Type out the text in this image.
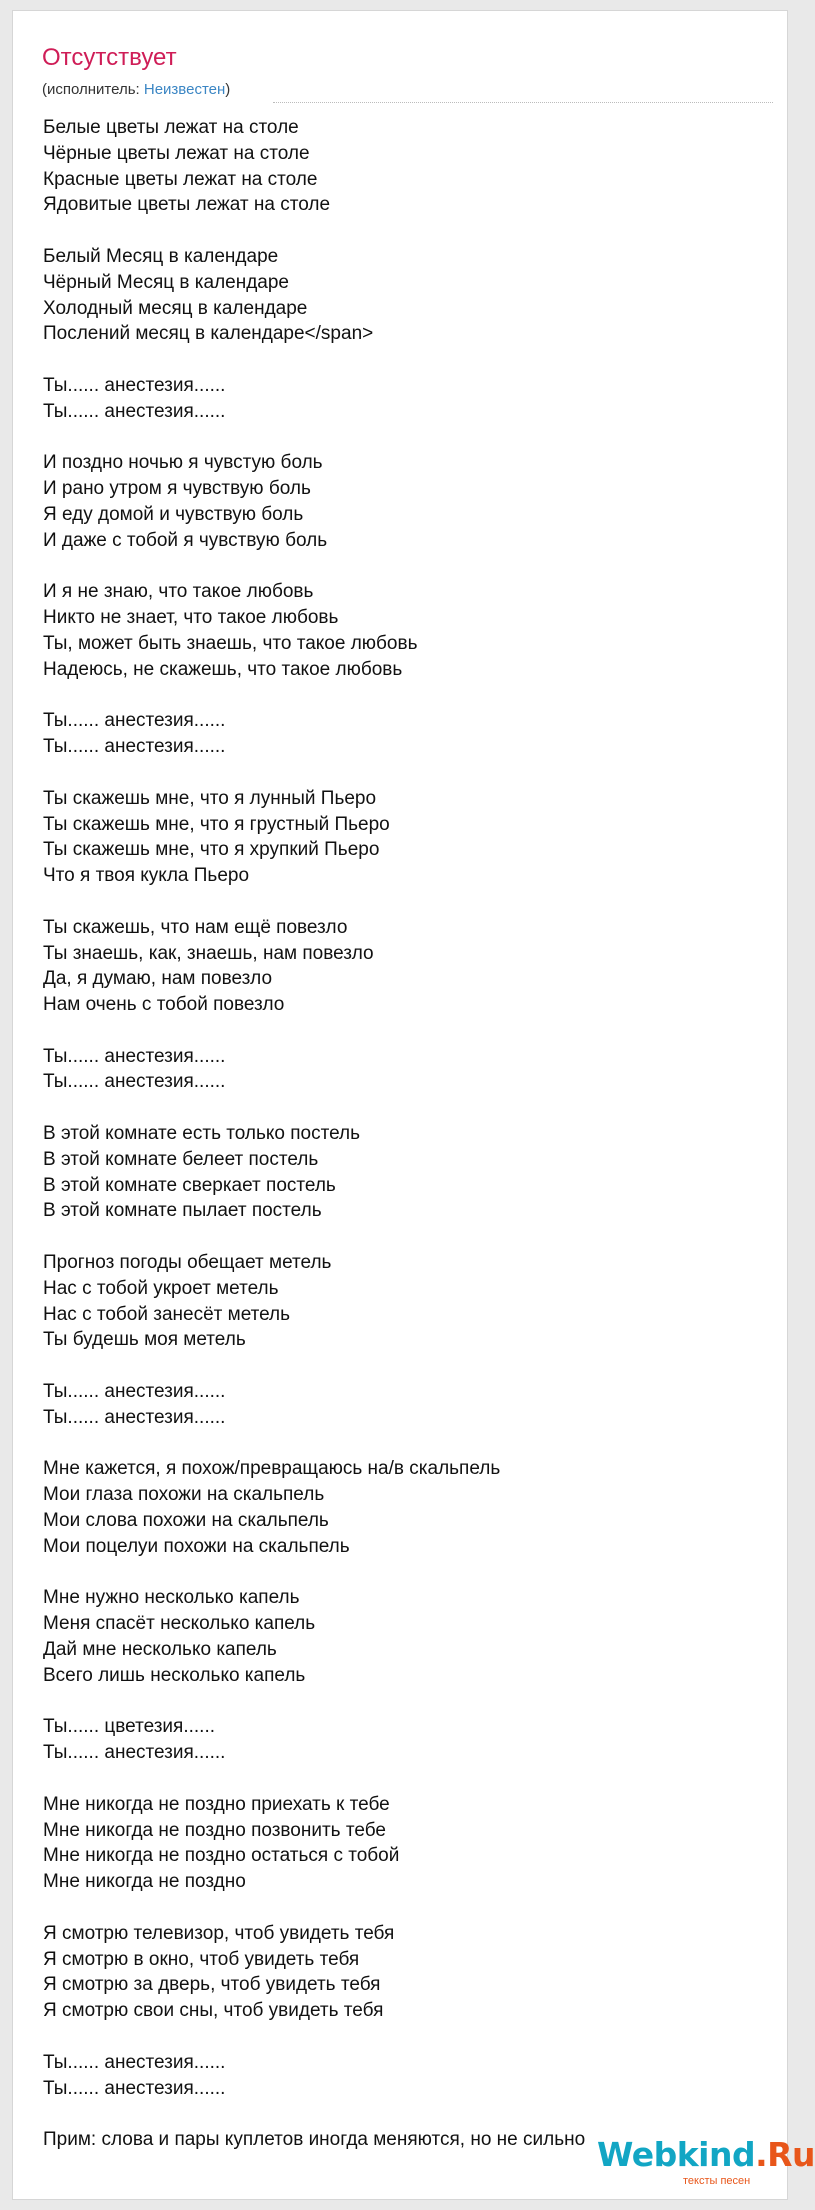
Отсутствует
(исполнитель: Неизвестен)
Белые цветы лежат на столе
Чёрные цветы лежат на столе
Красные цветы лежат на столе
Ядовитые цветы лежат на столе
Белый Месяц в календаре
Чёрный Месяц в календаре
Холодный месяц в календаре
Послений месяц в календаре</span>
Ты...... анестезия......
Ты...... анестезия......
И поздно ночью я чувстую боль
И рано утром я чувствую боль
Я еду домой и чувствую боль
И даже с тобой я чувствую боль
И я не знаю, что такое любовь
Никто не знает, что такое любовь
Ты, может быть знаешь, что такое любовь
Надеюсь, не скажешь, что такое любовь
Ты...... анестезия......
Ты...... анестезия......
Ты скажешь мне, что я лунный Пьеро
Ты скажешь мне, что я грустный Пьеро
Ты скажешь мне, что я хрупкий Пьеро
Что я твоя кукла Пьеро
Ты скажешь, что нам ещё повезло
Ты знаешь, как, знаешь, нам повезло
Да, я думаю, нам повезло
Нам очень с тобой повезло
Ты...... анестезия......
Ты...... анестезия......
В этой комнате есть только постель
В этой комнате белеет постель
В этой комнате сверкает постель
В этой комнате пылает постель
Прогноз погоды обещает метель
Нас с тобой укроет метель
Нас с тобой занесёт метель
Ты будешь моя метель
Ты...... анестезия......
Ты...... анестезия......
Мне кажется, я похож/превращаюсь на/в скальпель
Мои глаза похожи на скальпель
Мои слова похожи на скальпель
Мои поцелуи похожи на скальпель
Мне нужно несколько капель
Меня спасёт несколько капель
Дай мне несколько капель
Всего лишь несколько капель
Ты...... цветезия......
Ты...... анестезия......
Мне никогда не поздно приехать к тебе
Мне никогда не поздно позвонить тебе
Мне никогда не поздно остаться с тобой
Мне никогда не поздно
Я смотрю телевизор, чтоб увидеть тебя
Я смотрю в окно, чтоб увидеть тебя
Я смотрю за дверь, чтоб увидеть тебя
Я смотрю свои сны, чтоб увидеть тебя
Ты...... анестезия......
Ты...... анестезия......
Прим: слова и пары куплетов иногда меняются, но не сильно Webkind.Ru
тексты песен
